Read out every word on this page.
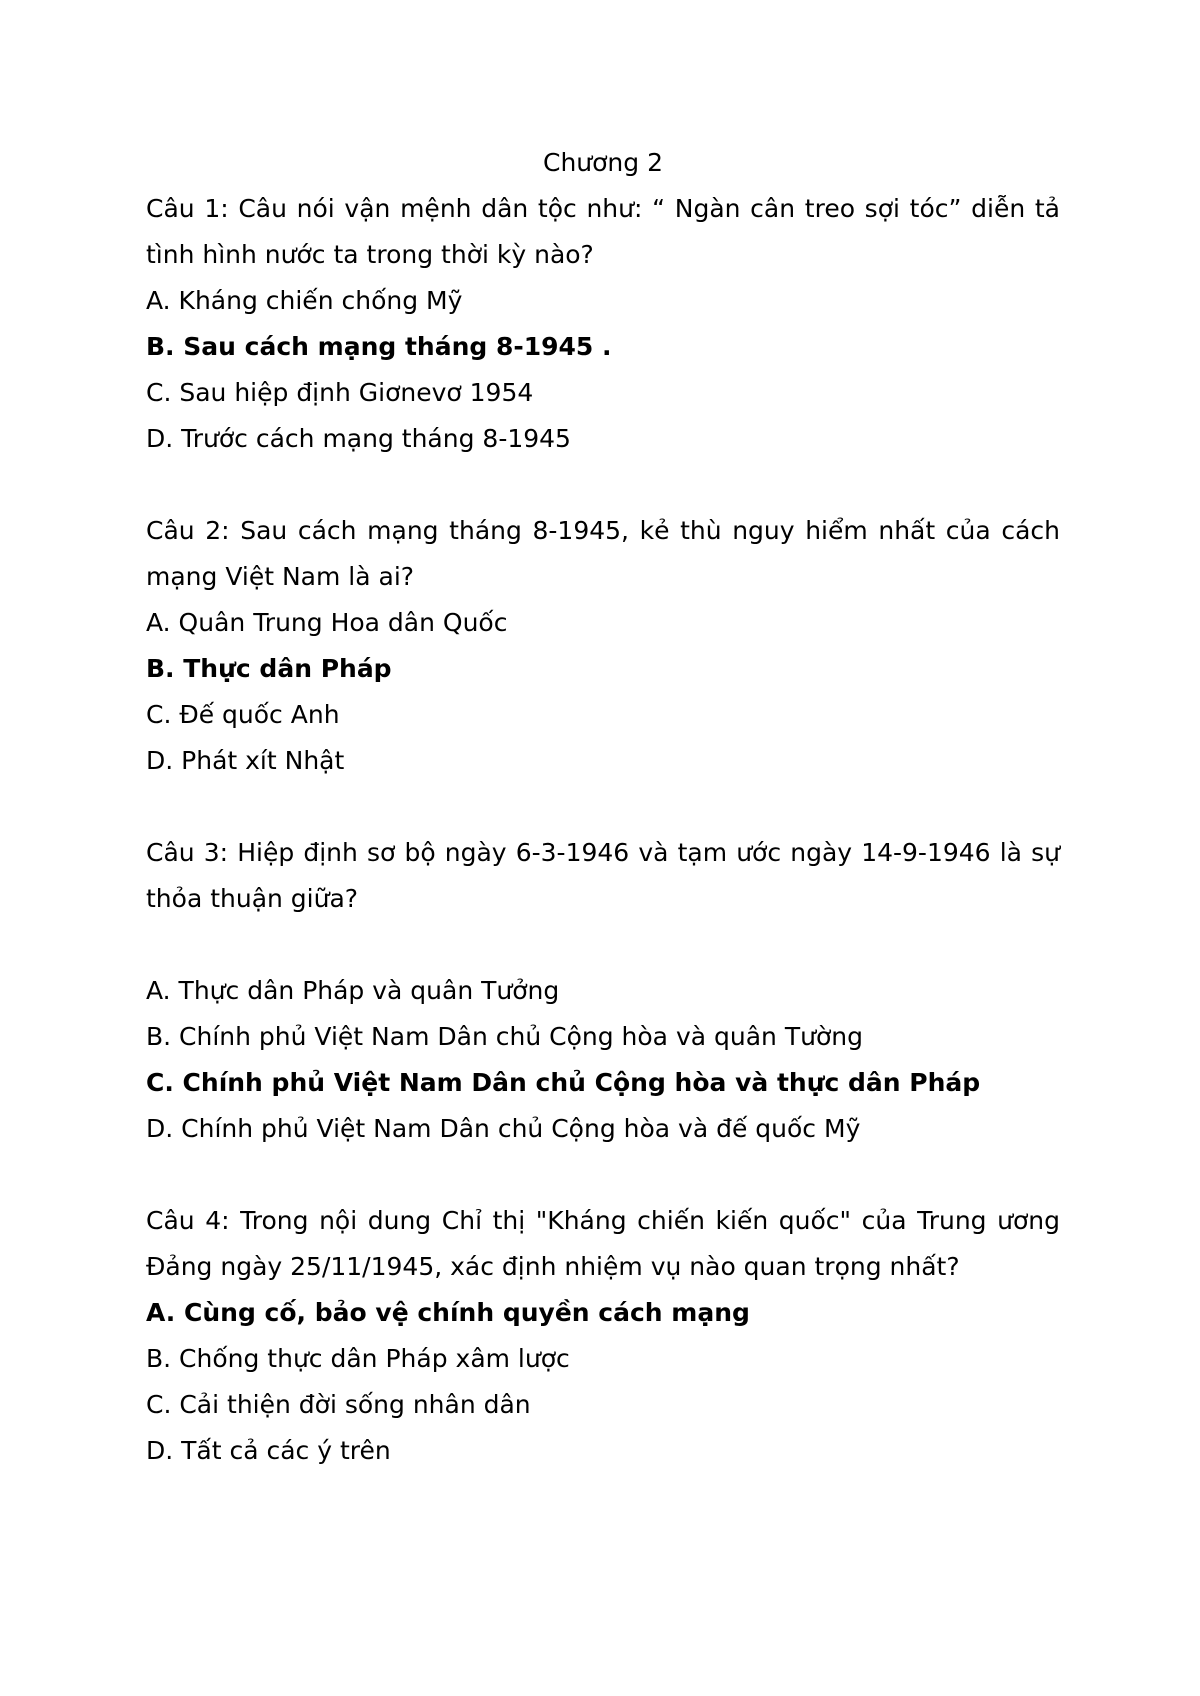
Chương 2

Câu 1: Câu nói vận mệnh dân tộc như: “ Ngàn cân treo sợi tóc” diễn tả tình hình nước ta trong thời kỳ nào?

A. Kháng chiến chống Mỹ

B. Sau cách mạng tháng 8-1945 .

C. Sau hiệp định Giơnevơ 1954

D. Trước cách mạng tháng 8-1945

Câu 2: Sau cách mạng tháng 8-1945, kẻ thù nguy hiểm nhất của cách mạng Việt Nam là ai?

A. Quân Trung Hoa dân Quốc

B. Thực dân Pháp

C. Đế quốc Anh

D. Phát xít Nhật

Câu 3: Hiệp định sơ bộ ngày 6-3-1946 và tạm ước ngày 14-9-1946 là sự thỏa thuận giữa?

A. Thực dân Pháp và quân Tưởng

B. Chính phủ Việt Nam Dân chủ Cộng hòa và quân Tường

C. Chính phủ Việt Nam Dân chủ Cộng hòa và thực dân Pháp

D. Chính phủ Việt Nam Dân chủ Cộng hòa và đế quốc Mỹ

Câu 4: Trong nội dung Chỉ thị "Kháng chiến kiến quốc" của Trung ương Đảng ngày 25/11/1945, xác định nhiệm vụ nào quan trọng nhất?

A. Cùng cố, bảo vệ chính quyền cách mạng

B. Chống thực dân Pháp xâm lược

C. Cải thiện đời sống nhân dân

D. Tất cả các ý trên
